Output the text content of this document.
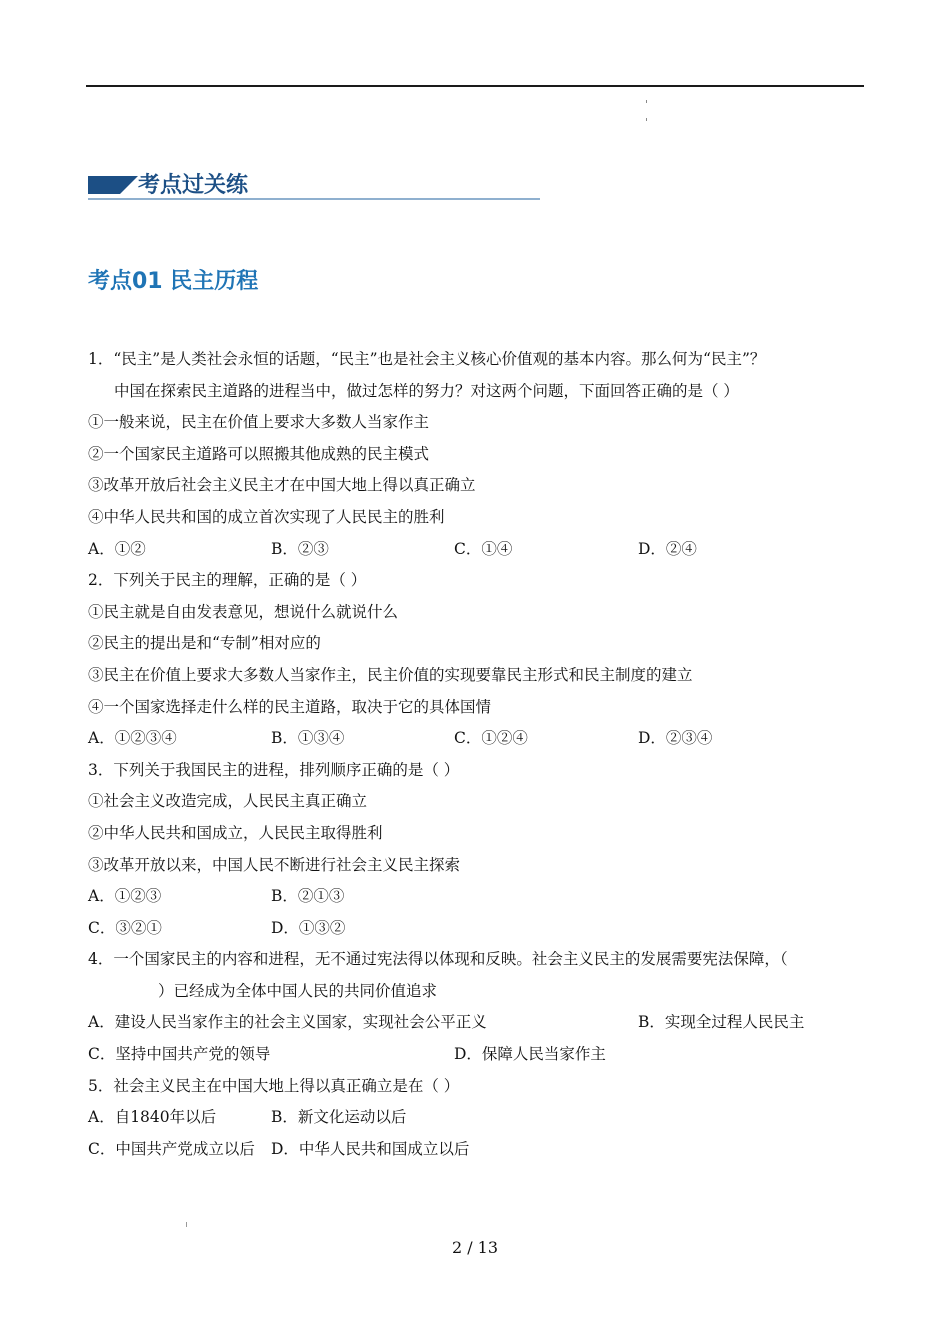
考点过关练
考点01 民主历程
1．“民主”是人类社会永恒的话题，“民主”也是社会主义核心价值观的基本内容。那么何为“民主”？
中国在探索民主道路的进程当中，做过怎样的努力？对这两个问题，下面回答正确的是（ ）
①一般来说，民主在价值上要求大多数人当家作主
②一个国家民主道路可以照搬其他成熟的民主模式
③改革开放后社会主义民主才在中国大地上得以真正确立
④中华人民共和国的成立首次实现了人民民主的胜利
A．①②	B．②③	C．①④	D．②④
2．下列关于民主的理解，正确的是（ ）
①民主就是自由发表意见，想说什么就说什么
②民主的提出是和“专制”相对应的
③民主在价值上要求大多数人当家作主，民主价值的实现要靠民主形式和民主制度的建立
④一个国家选择走什么样的民主道路，取决于它的具体国情
A．①②③④	B．①③④	C．①②④	D．②③④
3．下列关于我国民主的进程，排列顺序正确的是（ ）
①社会主义改造完成，人民民主真正确立
②中华人民共和国成立，人民民主取得胜利
③改革开放以来，中国人民不断进行社会主义民主探索
A．①②③	B．②①③
C．③②①	D．①③②
4．一个国家民主的内容和进程，无不通过宪法得以体现和反映。社会主义民主的发展需要宪法保障，（
）已经成为全体中国人民的共同价值追求
A．建设人民当家作主的社会主义国家，实现社会公平正义	B．实现全过程人民民主
C．坚持中国共产党的领导	D．保障人民当家作主
5．社会主义民主在中国大地上得以真正确立是在（ ）
A．自1840年以后	B．新文化运动以后
C．中国共产党成立以后 D．中华人民共和国成立以后
2 / 13
